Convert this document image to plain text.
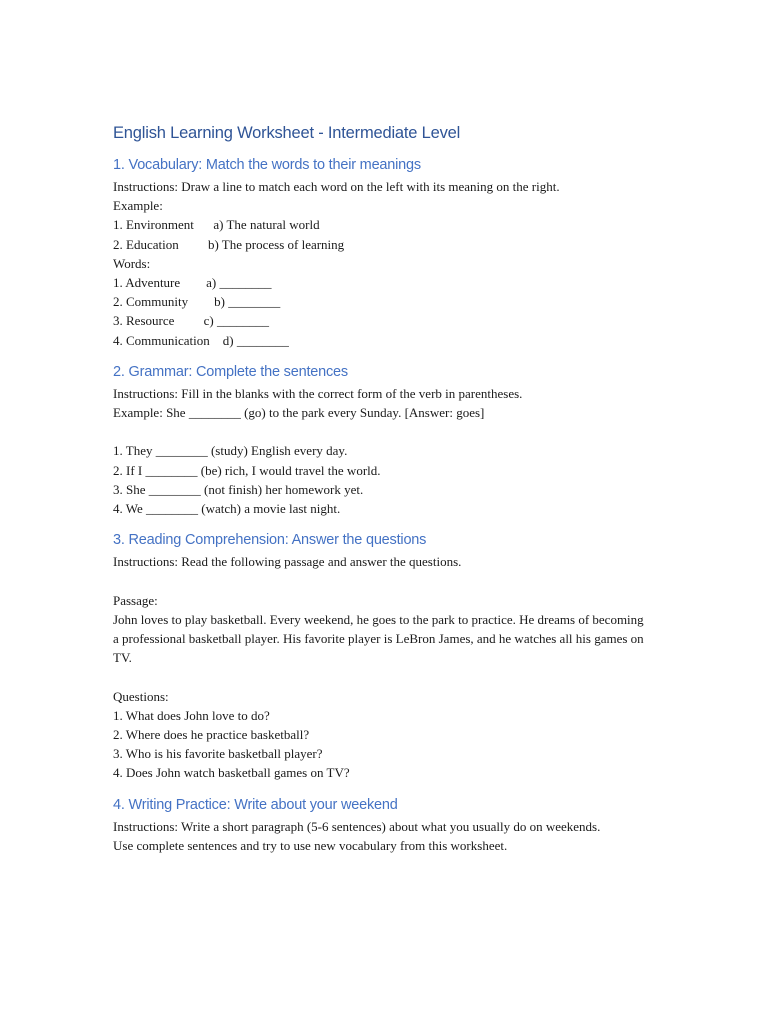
English Learning Worksheet - Intermediate Level
1. Vocabulary: Match the words to their meanings

Instructions: Draw a line to match each word on the left with its meaning on the right.

Example:

1. Environment      a) The natural world

2. Education         b) The process of learning

Words:

1. Adventure        a) ________

2. Community        b) ________

3. Resource         c) ________

4. Communication    d) ________

2. Grammar: Complete the sentences

Instructions: Fill in the blanks with the correct form of the verb in parentheses.

Example: She ________ (go) to the park every Sunday. [Answer: goes]

1. They ________ (study) English every day.

2. If I ________ (be) rich, I would travel the world.

3. She ________ (not finish) her homework yet.

4. We ________ (watch) a movie last night.

3. Reading Comprehension: Answer the questions

Instructions: Read the following passage and answer the questions.

Passage:

John loves to play basketball. Every weekend, he goes to the park to practice. He dreams of becoming a professional basketball player. His favorite player is LeBron James, and he watches all his games on TV.

Questions:

1. What does John love to do?

2. Where does he practice basketball?

3. Who is his favorite basketball player?

4. Does John watch basketball games on TV?

4. Writing Practice: Write about your weekend

Instructions: Write a short paragraph (5-6 sentences) about what you usually do on weekends.

Use complete sentences and try to use new vocabulary from this worksheet.
